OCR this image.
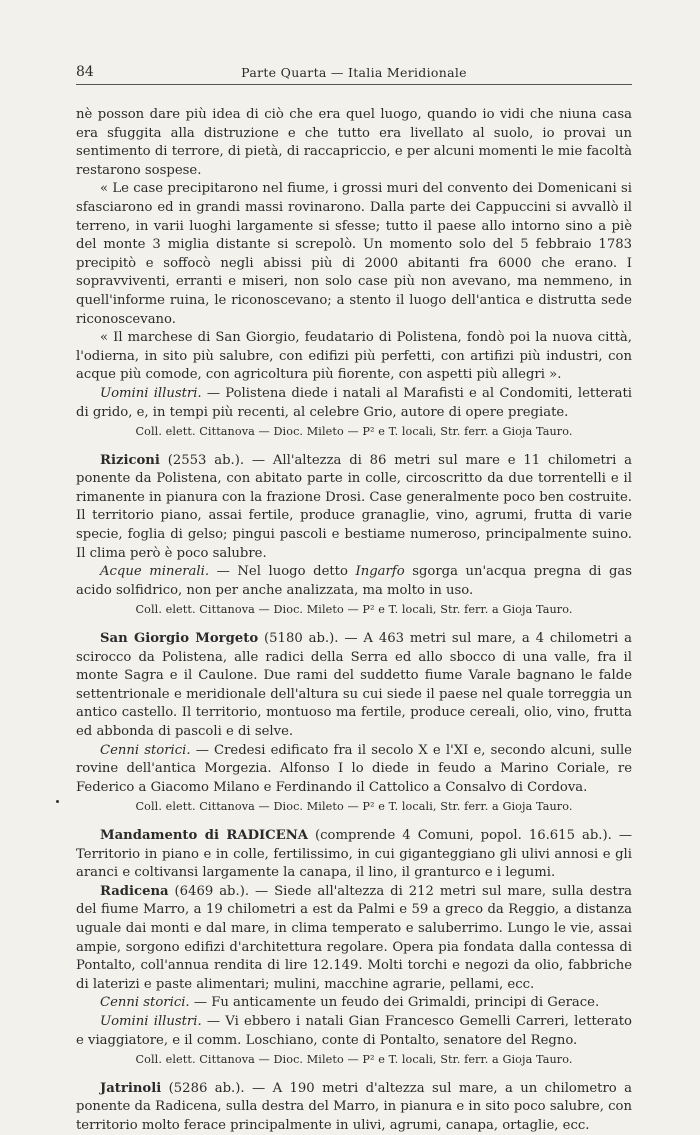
84	Parte Quarta — Italia Meridionale

nè posson dare più idea di ciò che era quel luogo, quando io vidi che niuna casa era sfuggita alla distruzione e che tutto era livellato al suolo, io provai un sentimento di terrore, di pietà, di raccapriccio, e per alcuni momenti le mie facoltà restarono sospese.

« Le case precipitarono nel fiume, i grossi muri del convento dei Domenicani si sfasciarono ed in grandi massi rovinarono. Dalla parte dei Cappuccini si avvallò il terreno, in varii luoghi largamente si sfesse; tutto il paese allo intorno sino a piè del monte 3 miglia distante si screpolò. Un momento solo del 5 febbraio 1783 precipitò e soffocò negli abissi più di 2000 abitanti fra 6000 che erano. I sopravviventi, erranti e miseri, non solo case più non avevano, ma nemmeno, in quell'informe ruina, le riconoscevano; a stento il luogo dell'antica e distrutta sede riconoscevano.

« Il marchese di San Giorgio, feudatario di Polistena, fondò poi la nuova città, l'odierna, in sito più salubre, con edifizi più perfetti, con artifizi più industri, con acque più comode, con agricoltura più fiorente, con aspetti più allegri ».

Uomini illustri. — Polistena diede i natali al Marafisti e al Condomiti, letterati di grido, e, in tempi più recenti, al celebre Grio, autore di opere pregiate.

Coll. elett. Cittanova — Dioc. Mileto — P² e T. locali, Str. ferr. a Gioja Tauro.

Riziconi (2553 ab.). — All'altezza di 86 metri sul mare e 11 chilometri a ponente da Polistena, con abitato parte in colle, circoscritto da due torrentelli e il rimanente in pianura con la frazione Drosi. Case generalmente poco ben costruite. Il territorio piano, assai fertile, produce granaglie, vino, agrumi, frutta di varie specie, foglia di gelso; pingui pascoli e bestiame numeroso, principalmente suino. Il clima però è poco salubre.

Acque minerali. — Nel luogo detto Ingarfo sgorga un'acqua pregna di gas acido solfidrico, non per anche analizzata, ma molto in uso.

Coll. elett. Cittanova — Dioc. Mileto — P² e T. locali, Str. ferr. a Gioja Tauro.

San Giorgio Morgeto (5180 ab.). — A 463 metri sul mare, a 4 chilometri a scirocco da Polistena, alle radici della Serra ed allo sbocco di una valle, fra il monte Sagra e il Caulone. Due rami del suddetto fiume Varale bagnano le falde settentrionale e meridionale dell'altura su cui siede il paese nel quale torreggia un antico castello. Il territorio, montuoso ma fertile, produce cereali, olio, vino, frutta ed abbonda di pascoli e di selve.

Cenni storici. — Credesi edificato fra il secolo X e l'XI e, secondo alcuni, sulle rovine dell'antica Morgezia. Alfonso I lo diede in feudo a Marino Coriale, re Federico a Giacomo Milano e Ferdinando il Cattolico a Consalvo di Cordova.

Coll. elett. Cittanova — Dioc. Mileto — P² e T. locali, Str. ferr. a Gioja Tauro.

Mandamento di RADICENA (comprende 4 Comuni, popol. 16.615 ab.). — Territorio in piano e in colle, fertilissimo, in cui giganteggiano gli ulivi annosi e gli aranci e coltivansi largamente la canapa, il lino, il granturco e i legumi.

Radicena (6469 ab.). — Siede all'altezza di 212 metri sul mare, sulla destra del fiume Marro, a 19 chilometri a est da Palmi e 59 a greco da Reggio, a distanza uguale dai monti e dal mare, in clima temperato e saluberrimo. Lungo le vie, assai ampie, sorgono edifizi d'architettura regolare. Opera pia fondata dalla contessa di Pontalto, coll'annua rendita di lire 12.149. Molti torchi e negozi da olio, fabbriche di laterizi e paste alimentari; mulini, macchine agrarie, pellami, ecc.

Cenni storici. — Fu anticamente un feudo dei Grimaldi, principi di Gerace.

Uomini illustri. — Vi ebbero i natali Gian Francesco Gemelli Carreri, letterato e viaggiatore, e il comm. Loschiano, conte di Pontalto, senatore del Regno.

Coll. elett. Cittanova — Dioc. Mileto — P² e T. locali, Str. ferr. a Gioja Tauro.

Jatrinoli (5286 ab.). — A 190 metri d'altezza sul mare, a un chilometro a ponente da Radicena, sulla destra del Marro, in pianura e in sito poco salubre, con territorio molto ferace principalmente in ulivi, agrumi, canapa, ortaglie, ecc.
